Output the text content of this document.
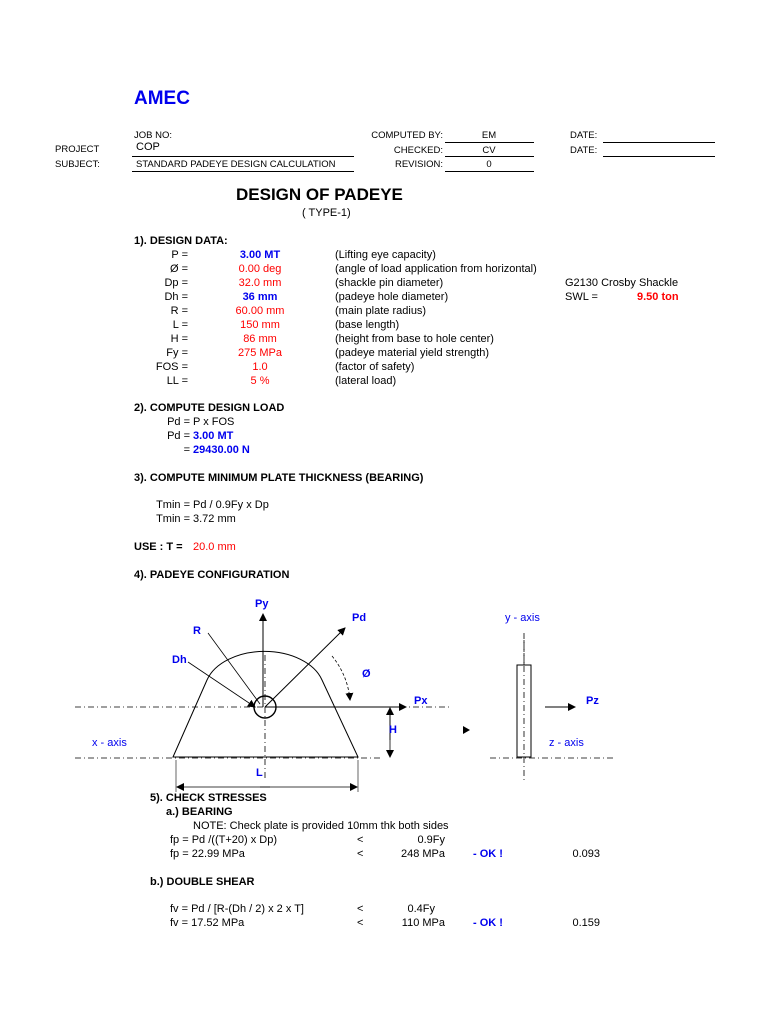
AMEC
JOB NO:
PROJECT	COP
SUBJECT:	STANDARD PADEYE DESIGN CALCULATION
COMPUTED BY:	EM
CHECKED:	CV
REVISION:	0
DATE:
DATE:
DESIGN OF PADEYE
( TYPE-1)
1). DESIGN DATA:
P =	3.00 MT	(Lifting eye capacity)
Ø =	0.00 deg	(angle of load application from horizontal)
Dp =	32.0 mm	(shackle pin diameter)
Dh =	36 mm	(padeye hole diameter)
R =	60.00 mm	(main plate radius)
L =	150 mm	(base length)
H =	86 mm	(height from base to hole center)
Fy =	275 MPa	(padeye material yield strength)
FOS =	1.0	(factor of safety)
LL =	5 %	(lateral load)
G2130 Crosby Shackle
SWL =	9.50 ton
2). COMPUTE DESIGN LOAD
Pd = P x FOS
Pd = 3.00 MT
= 29430.00 N
3). COMPUTE MINIMUM PLATE THICKNESS (BEARING)
Tmin = Pd / 0.9Fy x Dp
Tmin = 3.72 mm
USE : T = 20.0 mm
4). PADEYE CONFIGURATION
Py
Pd
R
Dh
Ø
Px
H
x - axis
L
y - axis
Pz
z - axis
5). CHECK STRESSES
a.) BEARING
NOTE: Check plate is provided 10mm thk both sides
fp = Pd /((T+20) x Dp)	<	0.9Fy
fp = 22.99 MPa	<	248 MPa	- OK !	0.093
b.) DOUBLE SHEAR
fv = Pd / [R-(Dh / 2) x 2 x T]	<	0.4Fy
fv = 17.52 MPa	<	110 MPa	- OK !	0.159
